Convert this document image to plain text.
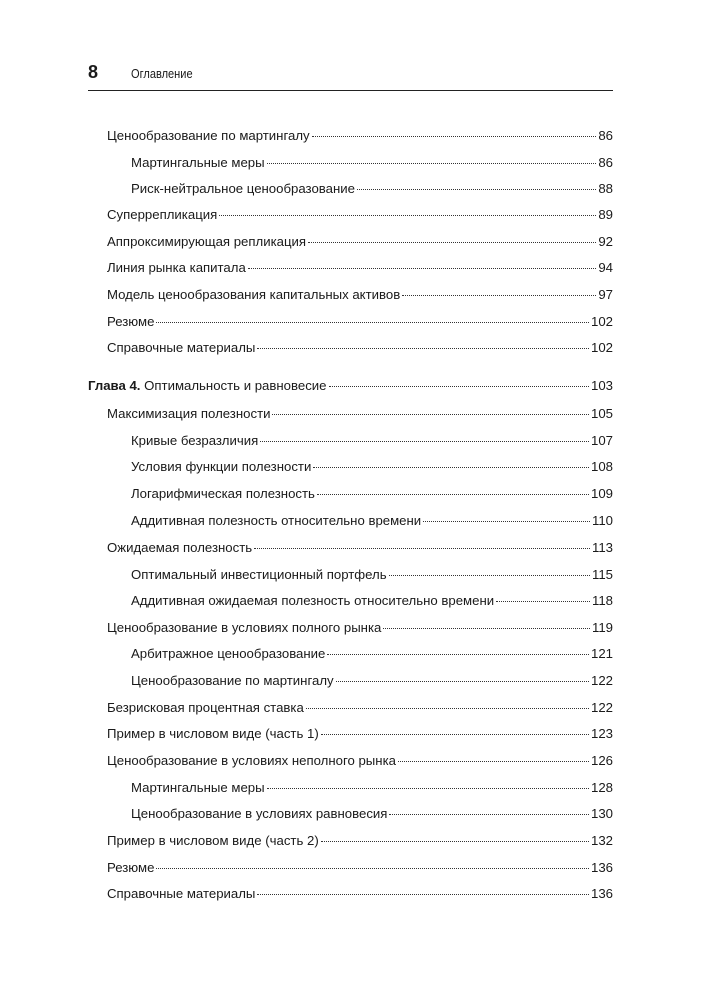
8	Оглавление
Ценообразование по мартингалу	86
Мартингальные меры	86
Риск-нейтральное ценообразование	88
Суперрепликация	89
Аппроксимирующая репликация	92
Линия рынка капитала	94
Модель ценообразования капитальных активов	97
Резюме	102
Справочные материалы	102
Глава 4. Оптимальность и равновесие	103
Максимизация полезности	105
Кривые безразличия	107
Условия функции полезности	108
Логарифмическая полезность	109
Аддитивная полезность относительно времени	110
Ожидаемая полезность	113
Оптимальный инвестиционный портфель	115
Аддитивная ожидаемая полезность относительно времени	118
Ценообразование в условиях полного рынка	119
Арбитражное ценообразование	121
Ценообразование по мартингалу	122
Безрисковая процентная ставка	122
Пример в числовом виде (часть 1)	123
Ценообразование в условиях неполного рынка	126
Мартингальные меры	128
Ценообразование в условиях равновесия	130
Пример в числовом виде (часть 2)	132
Резюме	136
Справочные материалы	136
